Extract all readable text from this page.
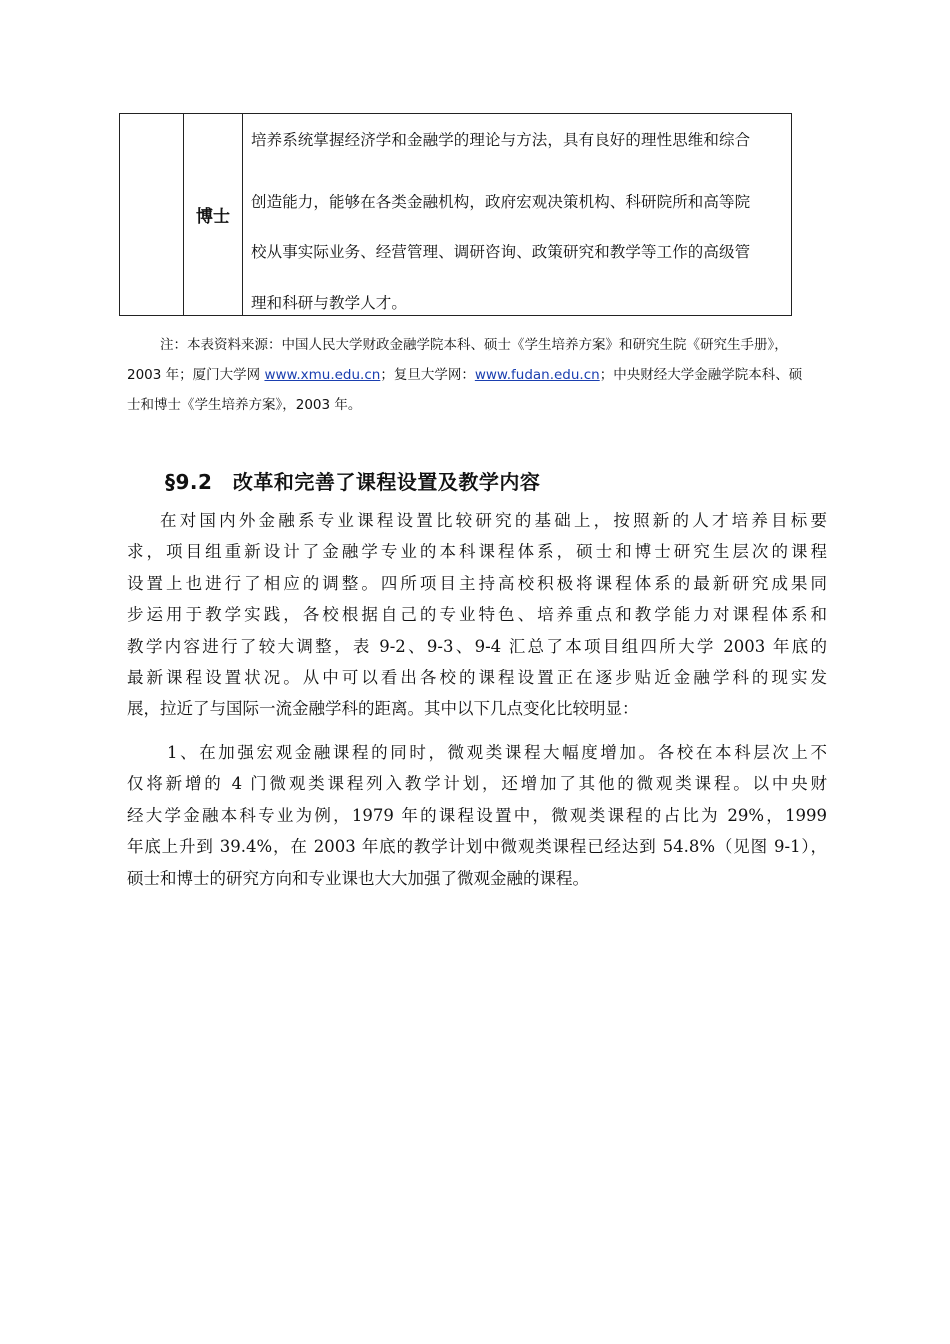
博士
培养系统掌握经济学和金融学的理论与方法，具有良好的理性思维和综合
创造能力，能够在各类金融机构，政府宏观决策机构、科研院所和高等院
校从事实际业务、经营管理、调研咨询、政策研究和教学等工作的高级管
理和科研与教学人才。
注：本表资料来源：中国人民大学财政金融学院本科、硕士《学生培养方案》和研究生院《研究生手册》，
2003 年；厦门大学网 www.xmu.edu.cn；复旦大学网：www.fudan.edu.cn；中央财经大学金融学院本科、硕
士和博士《学生培养方案》，2003 年。
§9.2　改革和完善了课程设置及教学内容
在对国内外金融系专业课程设置比较研究的基础上，按照新的人才培养目标要
求，项目组重新设计了金融学专业的本科课程体系，硕士和博士研究生层次的课程
设置上也进行了相应的调整。四所项目主持高校积极将课程体系的最新研究成果同
步运用于教学实践，各校根据自己的专业特色、培养重点和教学能力对课程体系和
教学内容进行了较大调整，表 9-2、9-3、9-4 汇总了本项目组四所大学 2003 年底的
最新课程设置状况。从中可以看出各校的课程设置正在逐步贴近金融学科的现实发
展，拉近了与国际一流金融学科的距离。其中以下几点变化比较明显：
1、在加强宏观金融课程的同时，微观类课程大幅度增加。各校在本科层次上不
仅将新增的 4 门微观类课程列入教学计划，还增加了其他的微观类课程。以中央财
经大学金融本科专业为例，1979 年的课程设置中，微观类课程的占比为 29%，1999
年底上升到 39.4%，在 2003 年底的教学计划中微观类课程已经达到 54.8%（见图 9-1），
硕士和博士的研究方向和专业课也大大加强了微观金融的课程。
